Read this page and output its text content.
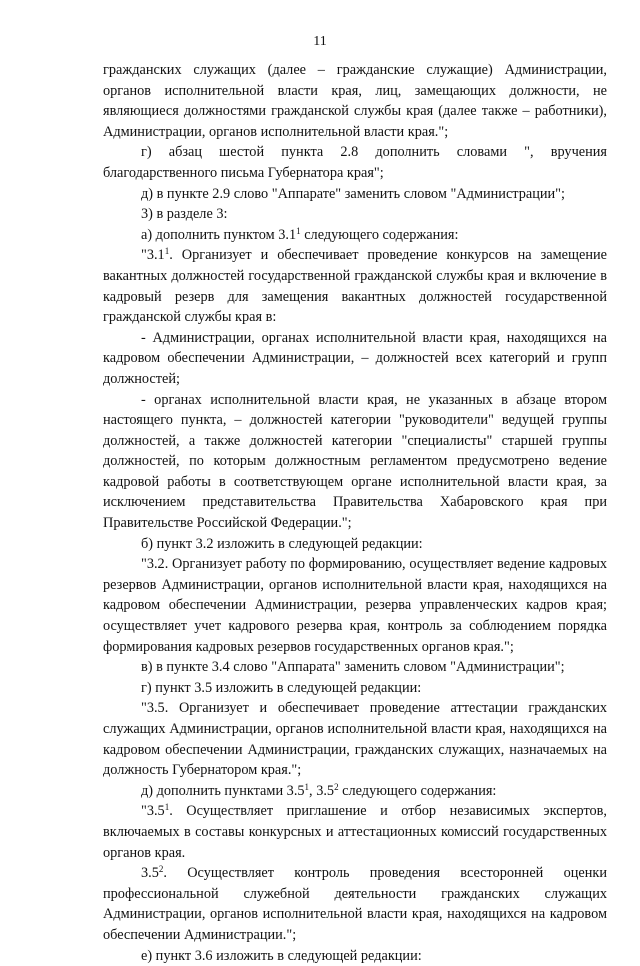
11

гражданских служащих (далее – гражданские служащие) Администрации, органов исполнительной власти края, лиц, замещающих должности, не являющиеся должностями гражданской службы края (далее также – работники), Администрации, органов исполнительной власти края.";

г) абзац шестой пункта 2.8 дополнить словами ", вручения благодарственного письма Губернатора края";

д) в пункте 2.9 слово "Аппарате" заменить словом "Администрации";

3) в разделе 3:

а) дополнить пунктом $3.1^1$ следующего содержания:

"$3.1^1$. Организует и обеспечивает проведение конкурсов на замещение вакантных должностей государственной гражданской службы края и включение в кадровый резерв для замещения вакантных должностей государственной гражданской службы края в:

- Администрации, органах исполнительной власти края, находящихся на кадровом обеспечении Администрации, – должностей всех категорий и групп должностей;

- органах исполнительной власти края, не указанных в абзаце втором настоящего пункта, – должностей категории "руководители" ведущей группы должностей, а также должностей категории "специалисты" старшей группы должностей, по которым должностным регламентом предусмотрено ведение кадровой работы в соответствующем органе исполнительной власти края, за исключением представительства Правительства Хабаровского края при Правительстве Российской Федерации.";

б) пункт 3.2 изложить в следующей редакции:

"3.2. Организует работу по формированию, осуществляет ведение кадровых резервов Администрации, органов исполнительной власти края, находящихся на кадровом обеспечении Администрации, резерва управленческих кадров края; осуществляет учет кадрового резерва края, контроль за соблюдением порядка формирования кадровых резервов государственных органов края.";

в) в пункте 3.4 слово "Аппарата" заменить словом "Администрации";

г) пункт 3.5 изложить в следующей редакции:

"3.5. Организует и обеспечивает проведение аттестации гражданских служащих Администрации, органов исполнительной власти края, находящихся на кадровом обеспечении Администрации, гражданских служащих, назначаемых на должность Губернатором края.";

д) дополнить пунктами $3.5^1$, $3.5^2$ следующего содержания:

"$3.5^1$. Осуществляет приглашение и отбор независимых экспертов, включаемых в составы конкурсных и аттестационных комиссий государственных органов края.

$3.5^2$. Осуществляет контроль проведения всесторонней оценки профессиональной служебной деятельности гражданских служащих Администрации, органов исполнительной власти края, находящихся на кадровом обеспечении Администрации.";

е) пункт 3.6 изложить в следующей редакции:
